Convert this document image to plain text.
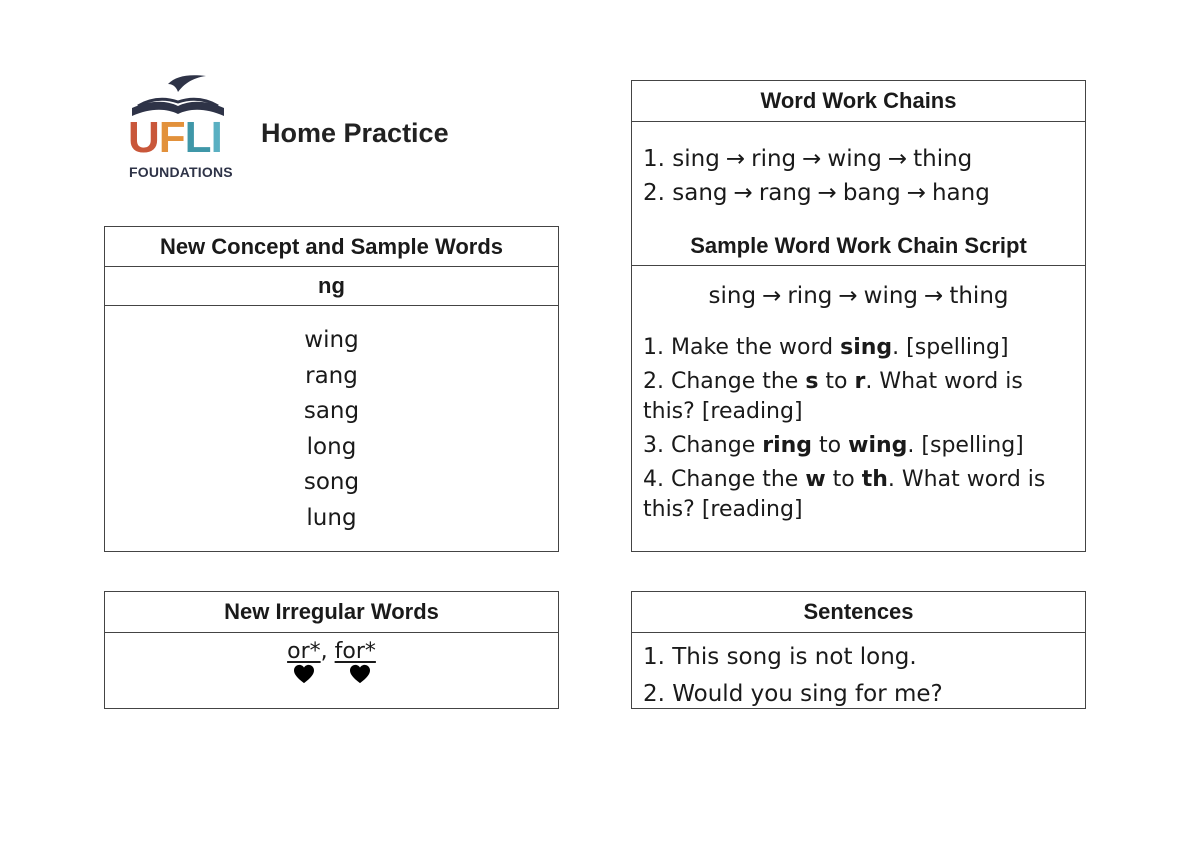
UFLI
FOUNDATIONS
Home Practice
New Concept and Sample Words
ng
wing
rang
sang
long
song
lung
Word Work Chains
1. sing → ring → wing → thing
2. sang → rang → bang → hang
Sample Word Work Chain Script
sing → ring → wing → thing
1. Make the word sing. [spelling]
2. Change the s to r. What word is this? [reading]
3. Change ring to wing. [spelling]
4. Change the w to th. What word is this? [reading]
New Irregular Words
or*, for*
Sentences
1. This song is not long.
2. Would you sing for me?
